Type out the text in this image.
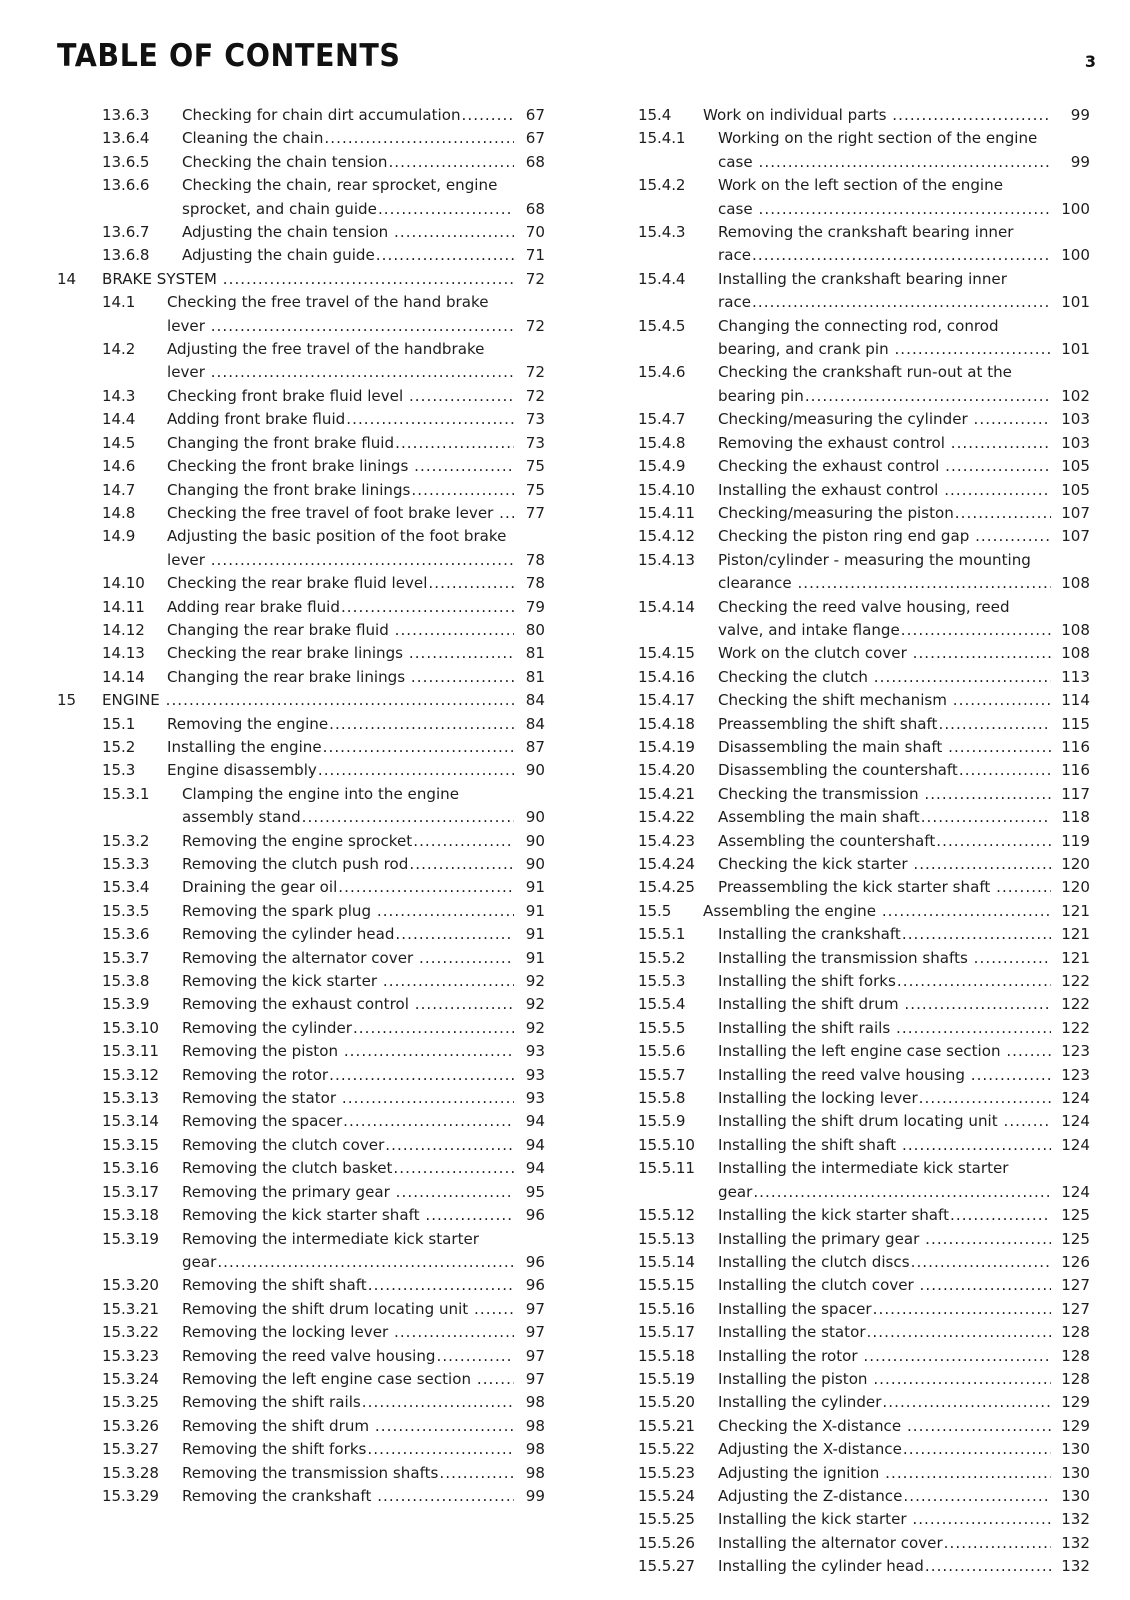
TABLE OF CONTENTS	3
13.6.3	Checking for chain dirt accumulation .....	67
13.6.4	Cleaning the chain .....	67
13.6.5	Checking the chain tension .....	68
13.6.6	Checking the chain, rear sprocket, engine
sprocket, and chain guide .....	68
13.6.7	Adjusting the chain tension .....	70
13.6.8	Adjusting the chain guide .....	71
14	BRAKE SYSTEM .....	72
14.1	Checking the free travel of the hand brake
lever .....	72
14.2	Adjusting the free travel of the handbrake
lever .....	72
14.3	Checking front brake fluid level .....	72
14.4	Adding front brake fluid .....	73
14.5	Changing the front brake fluid .....	73
14.6	Checking the front brake linings .....	75
14.7	Changing the front brake linings .....	75
14.8	Checking the free travel of foot brake lever .....	77
14.9	Adjusting the basic position of the foot brake
lever .....	78
14.10	Checking the rear brake fluid level .....	78
14.11	Adding rear brake fluid .....	79
14.12	Changing the rear brake fluid .....	80
14.13	Checking the rear brake linings .....	81
14.14	Changing the rear brake linings .....	81
15	ENGINE .....	84
15.1	Removing the engine .....	84
15.2	Installing the engine .....	87
15.3	Engine disassembly .....	90
15.3.1	Clamping the engine into the engine
assembly stand .....	90
15.3.2	Removing the engine sprocket .....	90
15.3.3	Removing the clutch push rod .....	90
15.3.4	Draining the gear oil .....	91
15.3.5	Removing the spark plug .....	91
15.3.6	Removing the cylinder head .....	91
15.3.7	Removing the alternator cover .....	91
15.3.8	Removing the kick starter .....	92
15.3.9	Removing the exhaust control .....	92
15.3.10	Removing the cylinder .....	92
15.3.11	Removing the piston .....	93
15.3.12	Removing the rotor .....	93
15.3.13	Removing the stator .....	93
15.3.14	Removing the spacer .....	94
15.3.15	Removing the clutch cover .....	94
15.3.16	Removing the clutch basket .....	94
15.3.17	Removing the primary gear .....	95
15.3.18	Removing the kick starter shaft .....	96
15.3.19	Removing the intermediate kick starter
gear .....	96
15.3.20	Removing the shift shaft .....	96
15.3.21	Removing the shift drum locating unit .....	97
15.3.22	Removing the locking lever .....	97
15.3.23	Removing the reed valve housing .....	97
15.3.24	Removing the left engine case section .....	97
15.3.25	Removing the shift rails .....	98
15.3.26	Removing the shift drum .....	98
15.3.27	Removing the shift forks .....	98
15.3.28	Removing the transmission shafts .....	98
15.3.29	Removing the crankshaft .....	99
15.4	Work on individual parts .....	99
15.4.1	Working on the right section of the engine
case .....	99
15.4.2	Work on the left section of the engine
case .....	100
15.4.3	Removing the crankshaft bearing inner
race .....	100
15.4.4	Installing the crankshaft bearing inner
race .....	101
15.4.5	Changing the connecting rod, conrod
bearing, and crank pin .....	101
15.4.6	Checking the crankshaft run-out at the
bearing pin .....	102
15.4.7	Checking/measuring the cylinder .....	103
15.4.8	Removing the exhaust control .....	103
15.4.9	Checking the exhaust control .....	105
15.4.10	Installing the exhaust control .....	105
15.4.11	Checking/measuring the piston .....	107
15.4.12	Checking the piston ring end gap .....	107
15.4.13	Piston/cylinder - measuring the mounting
clearance .....	108
15.4.14	Checking the reed valve housing, reed
valve, and intake flange .....	108
15.4.15	Work on the clutch cover .....	108
15.4.16	Checking the clutch .....	113
15.4.17	Checking the shift mechanism .....	114
15.4.18	Preassembling the shift shaft .....	115
15.4.19	Disassembling the main shaft .....	116
15.4.20	Disassembling the countershaft .....	116
15.4.21	Checking the transmission .....	117
15.4.22	Assembling the main shaft .....	118
15.4.23	Assembling the countershaft .....	119
15.4.24	Checking the kick starter .....	120
15.4.25	Preassembling the kick starter shaft .....	120
15.5	Assembling the engine .....	121
15.5.1	Installing the crankshaft .....	121
15.5.2	Installing the transmission shafts .....	121
15.5.3	Installing the shift forks .....	122
15.5.4	Installing the shift drum .....	122
15.5.5	Installing the shift rails .....	122
15.5.6	Installing the left engine case section .....	123
15.5.7	Installing the reed valve housing .....	123
15.5.8	Installing the locking lever .....	124
15.5.9	Installing the shift drum locating unit .....	124
15.5.10	Installing the shift shaft .....	124
15.5.11	Installing the intermediate kick starter
gear .....	124
15.5.12	Installing the kick starter shaft .....	125
15.5.13	Installing the primary gear .....	125
15.5.14	Installing the clutch discs .....	126
15.5.15	Installing the clutch cover .....	127
15.5.16	Installing the spacer .....	127
15.5.17	Installing the stator .....	128
15.5.18	Installing the rotor .....	128
15.5.19	Installing the piston .....	128
15.5.20	Installing the cylinder .....	129
15.5.21	Checking the X-distance .....	129
15.5.22	Adjusting the X-distance .....	130
15.5.23	Adjusting the ignition .....	130
15.5.24	Adjusting the Z-distance .....	130
15.5.25	Installing the kick starter .....	132
15.5.26	Installing the alternator cover .....	132
15.5.27	Installing the cylinder head .....	132
